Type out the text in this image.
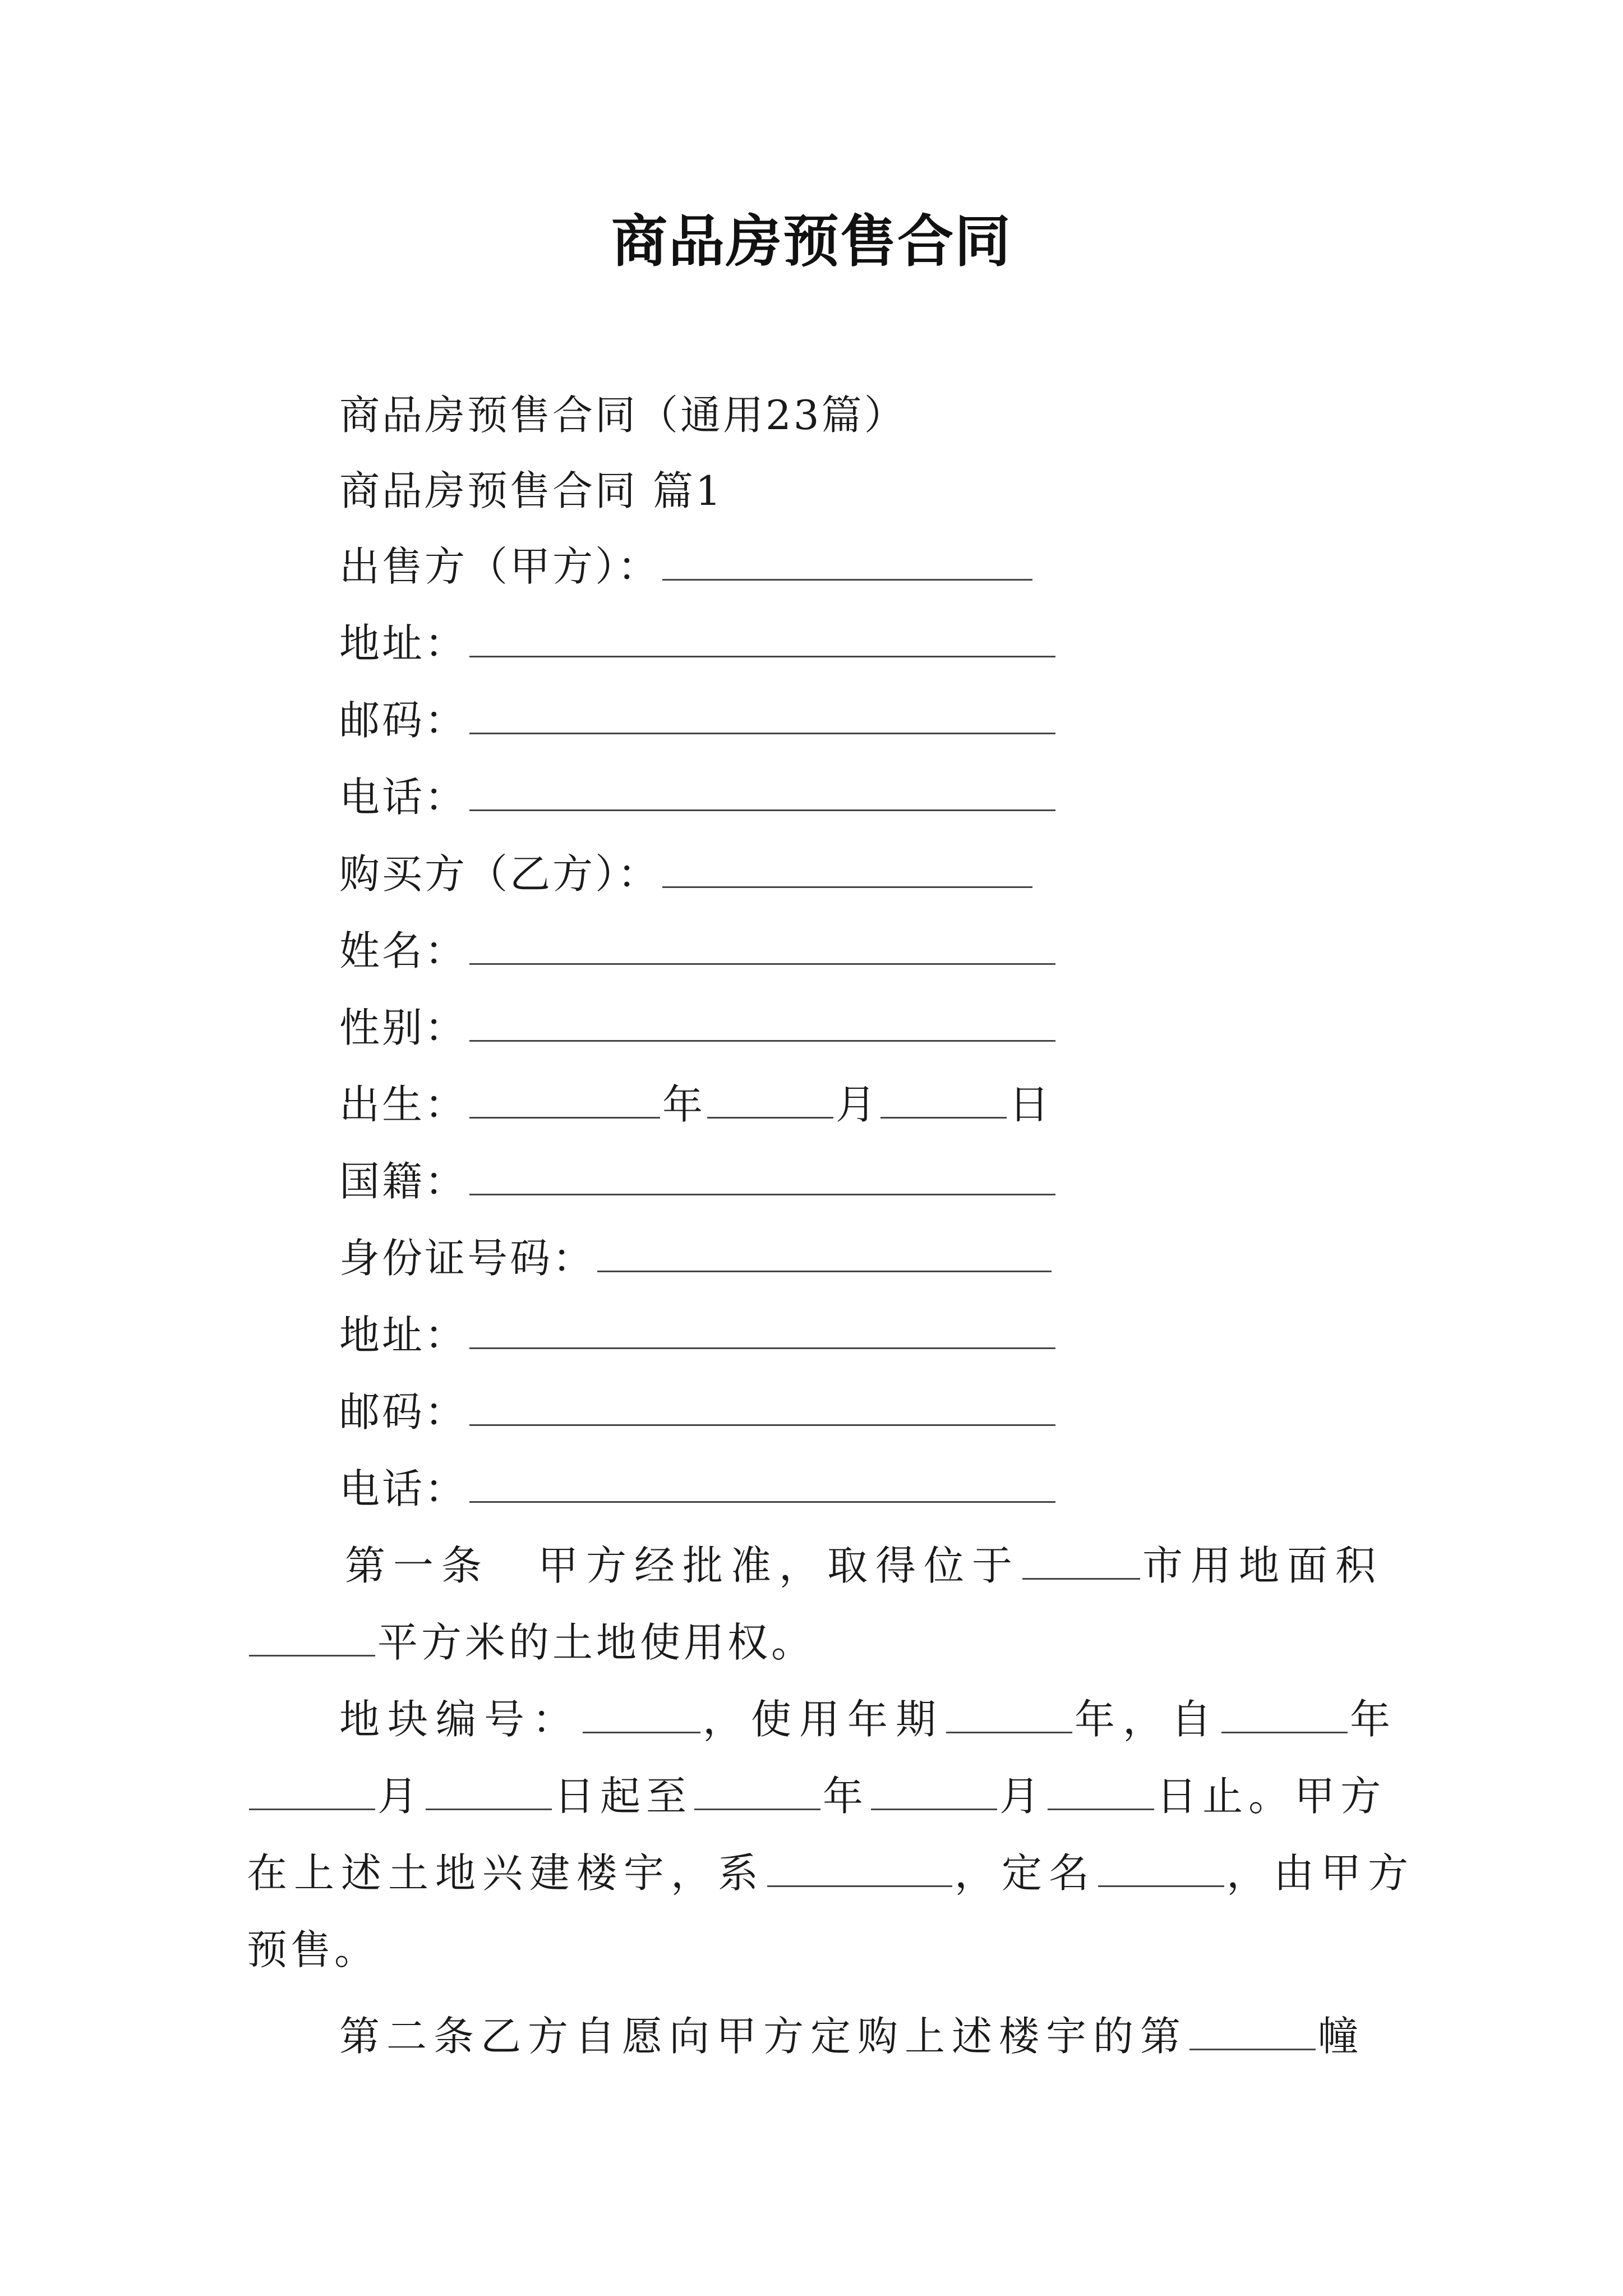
商品房预售合同
商品房预售合同（通用23篇）
商品房预售合同 篇1
出售方（甲方）：
地址：
邮码：
电话：
购买方（乙方）：
姓名：
性别：
出生：	年	月	日
国籍：
身份证号码：
地址：
邮码：
电话：
第一条　甲方经批准，取得位于	市用地面积
平方米的土地使用权。
地块编号：	，使用年期	年，自	年
月	日起至	年	月	日止。甲方
在上述土地兴建楼宇，系	，定名	，由甲方
预售。
第二条乙方自愿向甲方定购上述楼宇的第	幢
